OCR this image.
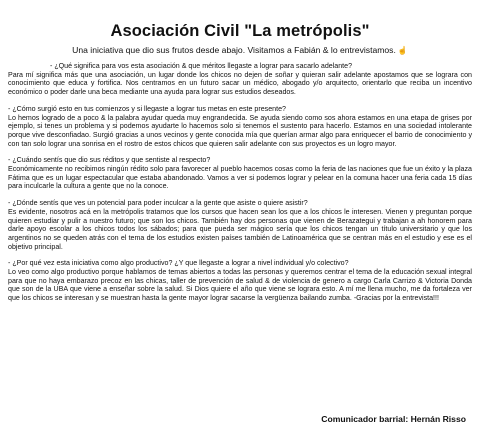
Asociación Civil "La metrópolis"

Una iniciativa que dio sus frutos desde abajo. Visitamos a Fabián & lo entrevistamos. ☝

- ¿Qué significa para vos esta asociación & que méritos llegaste a lograr para sacarlo adelante?

Para mí significa más que una asociación, un lugar donde los chicos no dejen de soñar y quieran salir adelante apostamos que se lograra con conocimiento que educa y fortifica. Nos centramos en un futuro sacar un médico, abogado y/o arquitecto, orientarlo que reciba un incentivo económico o poder darle una beca mediante una ayuda para lograr sus estudios deseados.

- ¿Cómo surgió esto en tus comienzos y si llegaste a lograr tus metas en este presente?

Lo hemos logrado de a poco & la palabra ayudar queda muy engrandecida. Se ayuda siendo como sos ahora estamos en una etapa de grises por ejemplo, si tenes un problema y si podemos ayudarte lo hacemos solo si tenemos el sustento para hacerlo. Estamos en una sociedad intolerante porque vive desconfiadao. Surgió gracias a unos vecinos y gente conocida mía que querían armar algo para enriquecer el barrio de conocimiento y con tan solo lograr una sonrisa en el rostro de estos chicos que quieren salir adelante con sus proyectos es un logro mayor.

- ¿Cuándo sentís que dio sus réditos y que sentiste al respecto?

Económicamente no recibimos ningún rédito solo para favorecer al pueblo hacemos cosas como la feria de las naciones que fue un éxito y la plaza Fátima que es un lugar espectacular que estaba abandonado. Vamos a ver si podemos lograr y pelear en la comuna hacer una feria cada 15 días para inculcarle la cultura a gente que no la conoce.

- ¿Dónde sentís que ves un potencial para poder inculcar a la gente que asiste o quiere asistir?

Es evidente, nosotros acá en la metrópolis tratamos que los cursos que hacen sean los que a los chicos le interesen. Vienen y preguntan porque quieren estudiar y pulir a nuestro futuro; que son los chicos. También hay dos personas que vienen de Berazategui y trabajan a ah honorem para darle apoyo escolar a los chicos todos los sábados; para que pueda ser mágico sería que los chicos tengan un título universitario y que los argentinos no se queden atrás con el tema de los estudios existen países también de Latinoamérica que se centran más en el estudio y ese es el objetivo principal.

- ¿Por qué vez esta iniciativa como algo productivo? ¿Y que llegaste a lograr a nivel individual y/o colectivo?

Lo veo como algo productivo porque hablamos de temas abiertos a todas las personas y queremos centrar el tema de la educación sexual integral para que no haya embarazo precoz en las chicas, taller de prevención de salud & de violencia de genero a cargo Carla Carrizo & Victoria Donda que son de la UBA que viene a enseñar sobre la salud. Si Dios quiere el año que viene se lograra esto. A mí me llena mucho, me da fortaleza ver que los chicos se interesan y se muestran hasta la gente mayor lograr sacarse la vergüenza bailando zumba. -Gracias por la entrevista!!!

Comunicador barrial: Hernán Risso
